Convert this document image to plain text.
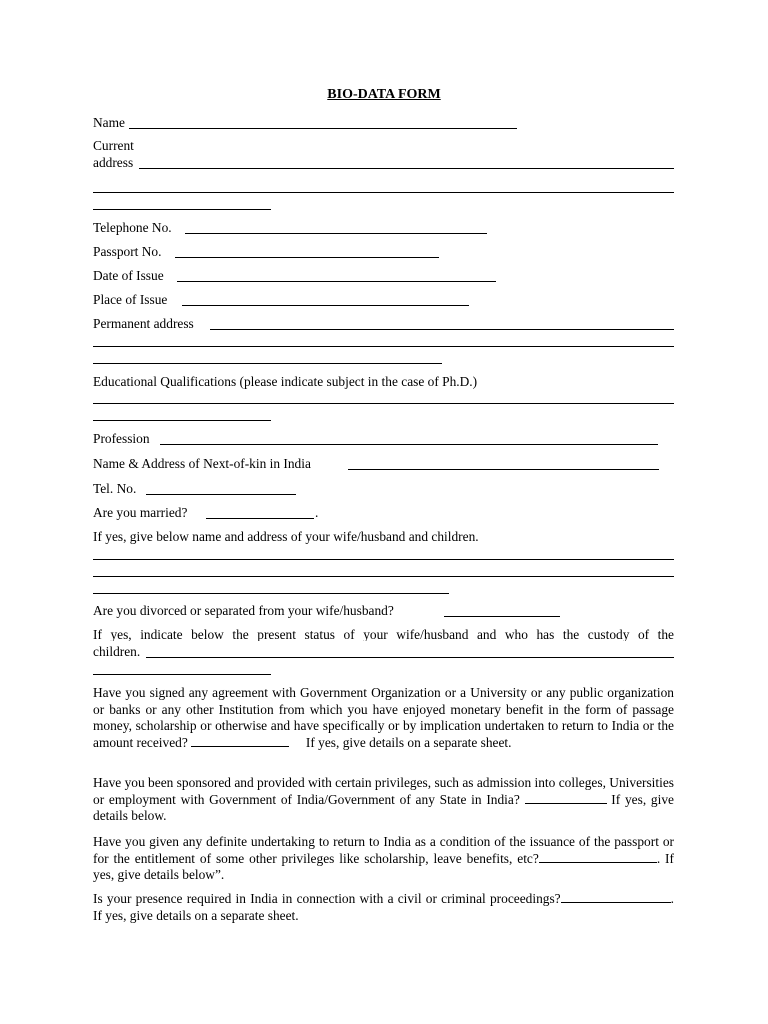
BIO-DATA FORM
Name
Current
address
Telephone No.
Passport No.
Date of Issue
Place of Issue
Permanent address
Educational Qualifications (please indicate subject in the case of Ph.D.)
Profession
Name & Address of Next-of-kin in India
Tel. No.
Are you married?	.
If yes, give below name and address of your wife/husband and children.
Are you divorced or separated from your wife/husband?
If yes, indicate below the present status of your wife/husband and who has the custody of the
children.
Have you signed any agreement with Government Organization or a University or any public organization or banks or any other Institution from which you have enjoyed monetary benefit in the form of passage money, scholarship or otherwise and have specifically or by implication undertaken to return to India or the amount received?	If yes, give details on a separate sheet.
Have you been sponsored and provided with certain privileges, such as admission into colleges, Universities or employment with Government of India/Government of any State in India?	If yes, give details below.
Have you given any definite undertaking to return to India as a condition of the issuance of the passport or for the entitlement of some other privileges like scholarship, leave benefits, etc?	. If yes, give details below”.
Is your presence required in India in connection with a civil or criminal proceedings?	. If yes, give details on a separate sheet.
